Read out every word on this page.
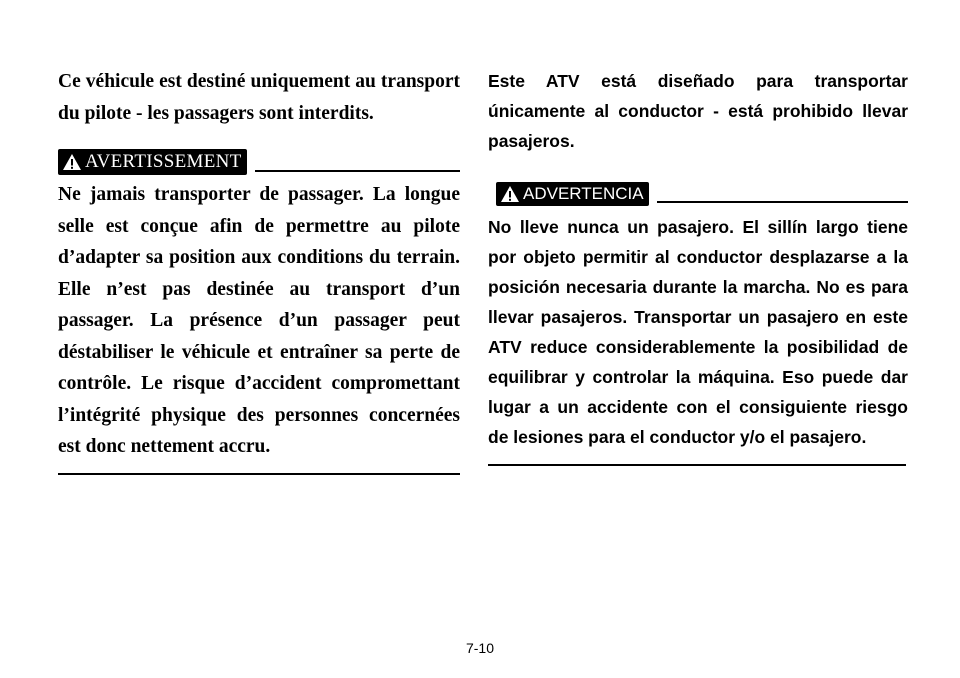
Ce véhicule est destiné uniquement au transport du pilote - les passagers sont interdits.

AVERTISSEMENT

Ne jamais transporter de passager. La longue selle est conçue afin de permettre au pilote d’adapter sa position aux conditions du terrain. Elle n’est pas destinée au transport d’un passager. La présence d’un passager peut déstabiliser le véhicule et entraîner sa perte de contrôle. Le risque d’accident compromettant l’intégrité physique des personnes concernées est donc nettement accru.

Este ATV está diseñado para transportar únicamente al conductor - está prohibido llevar pasajeros.

ADVERTENCIA

No lleve nunca un pasajero. El sillín largo tiene por objeto permitir al conductor desplazarse a la posición necesaria durante la marcha. No es para llevar pasajeros. Transportar un pasajero en este ATV reduce considerablemente la posibilidad de equilibrar y controlar la máquina. Eso puede dar lugar a un accidente con el consiguiente riesgo de lesiones para el conductor y/o el pasajero.

7-10
